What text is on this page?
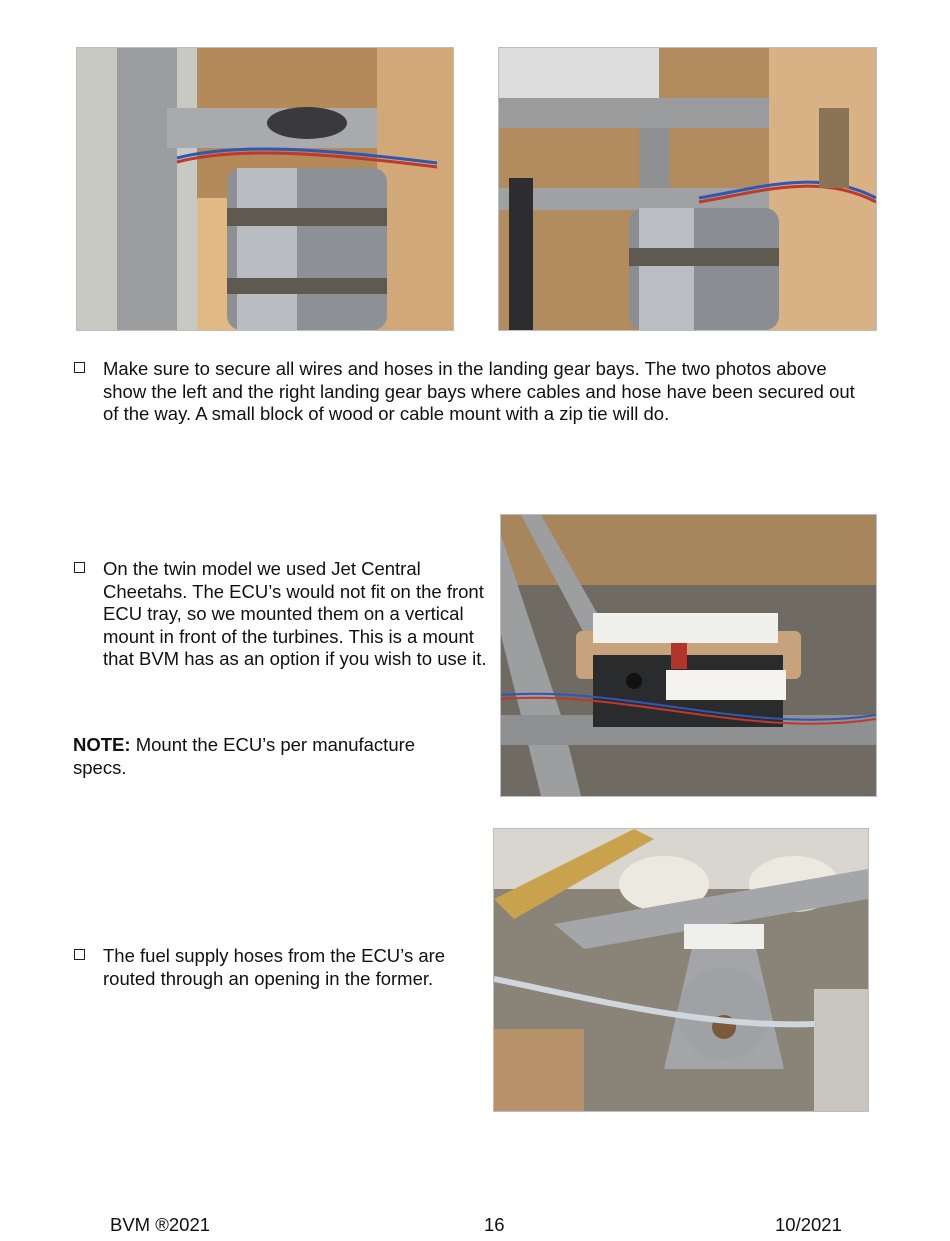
Make sure to secure all wires and hoses in the landing gear bays. The two photos above show the left and the right landing gear bays where cables and hose have been secured out of the way. A small block of wood or cable mount with a zip tie will do.
On the twin model we used Jet Central Cheetahs. The ECU’s would not fit on the front ECU tray, so we mounted them on a vertical mount in front of the turbines. This is a mount that BVM has as an option if you wish to use it.
NOTE: Mount the ECU’s per manufacture specs.
The fuel supply hoses from the ECU’s are routed through an opening in the former.
BVM ®2021	16	10/2021
